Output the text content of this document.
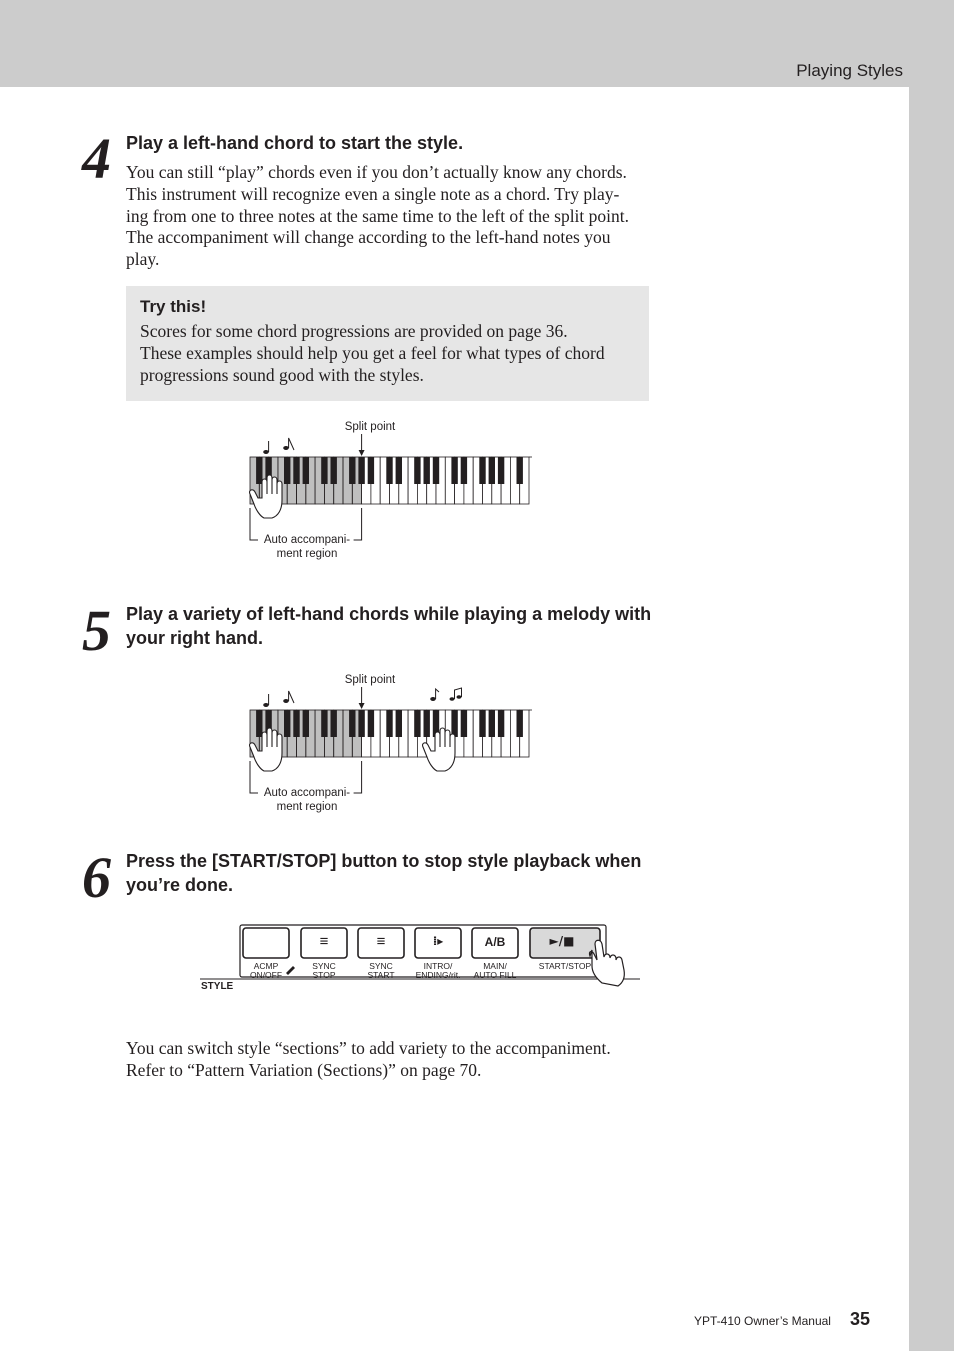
Playing Styles
4 Play a left-hand chord to start the style.
You can still “play” chords even if you don’t actually know any chords.
This instrument will recognize even a single note as a chord. Try play-
ing from one to three notes at the same time to the left of the split point.
The accompaniment will change according to the left-hand notes you
play.
Try this!
Scores for some chord progressions are provided on page 36.
These examples should help you get a feel for what types of chord
progressions sound good with the styles.
Split point
Auto accompani-
ment region
5 Play a variety of left-hand chords while playing a melody with your right hand.
Split point
Auto accompani-
ment region
6 Press the [START/STOP] button to stop style playback when you’re done.
≡	≡	⁞▸	A/B	►/■
ACMP
ON/OFF
SYNC
STOP
SYNC
START
INTRO/
ENDING/rit.
MAIN/
AUTO FILL
START/STOP
STYLE
You can switch style “sections” to add variety to the accompaniment.
Refer to “Pattern Variation (Sections)” on page 70.
YPT-410 Owner’s Manual 35
